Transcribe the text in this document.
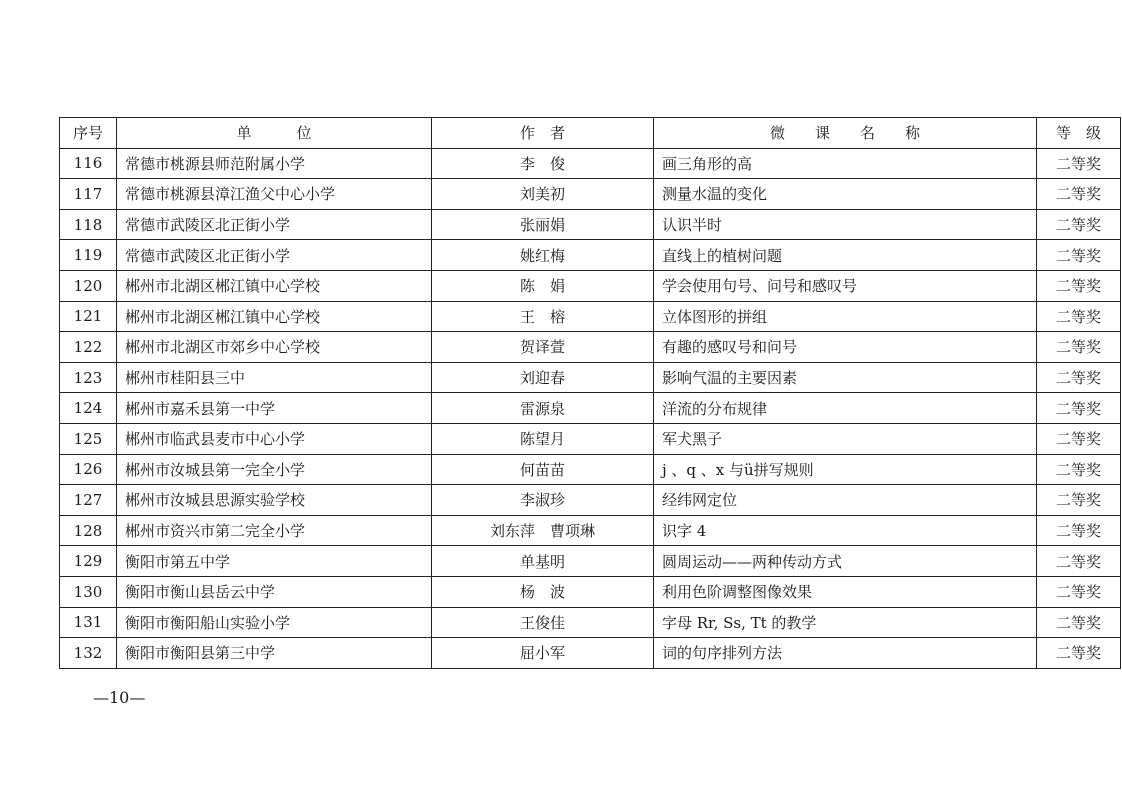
序号	单　　　位	作　者	微　　课　　名　　称	等　级
116	常德市桃源县师范附属小学	李　俊	画三角形的高	二等奖
117	常德市桃源县漳江渔父中心小学	刘美初	测量水温的变化	二等奖
118	常德市武陵区北正街小学	张丽娟	认识半时	二等奖
119	常德市武陵区北正街小学	姚红梅	直线上的植树问题	二等奖
120	郴州市北湖区郴江镇中心学校	陈　娟	学会使用句号、问号和感叹号	二等奖
121	郴州市北湖区郴江镇中心学校	王　榕	立体图形的拼组	二等奖
122	郴州市北湖区市郊乡中心学校	贺译萱	有趣的感叹号和问号	二等奖
123	郴州市桂阳县三中	刘迎春	影响气温的主要因素	二等奖
124	郴州市嘉禾县第一中学	雷源泉	洋流的分布规律	二等奖
125	郴州市临武县麦市中心小学	陈望月	军犬黑子	二等奖
126	郴州市汝城县第一完全小学	何苗苗	j 、q 、x 与ü拼写规则	二等奖
127	郴州市汝城县思源实验学校	李淑珍	经纬网定位	二等奖
128	郴州市资兴市第二完全小学	刘东萍　曹项琳	识字 4	二等奖
129	衡阳市第五中学	单基明	圆周运动——两种传动方式	二等奖
130	衡阳市衡山县岳云中学	杨　波	利用色阶调整图像效果	二等奖
131	衡阳市衡阳船山实验小学	王俊佳	字母 Rr, Ss, Tt 的教学	二等奖
132	衡阳市衡阳县第三中学	屈小军	词的句序排列方法	二等奖
—10—
